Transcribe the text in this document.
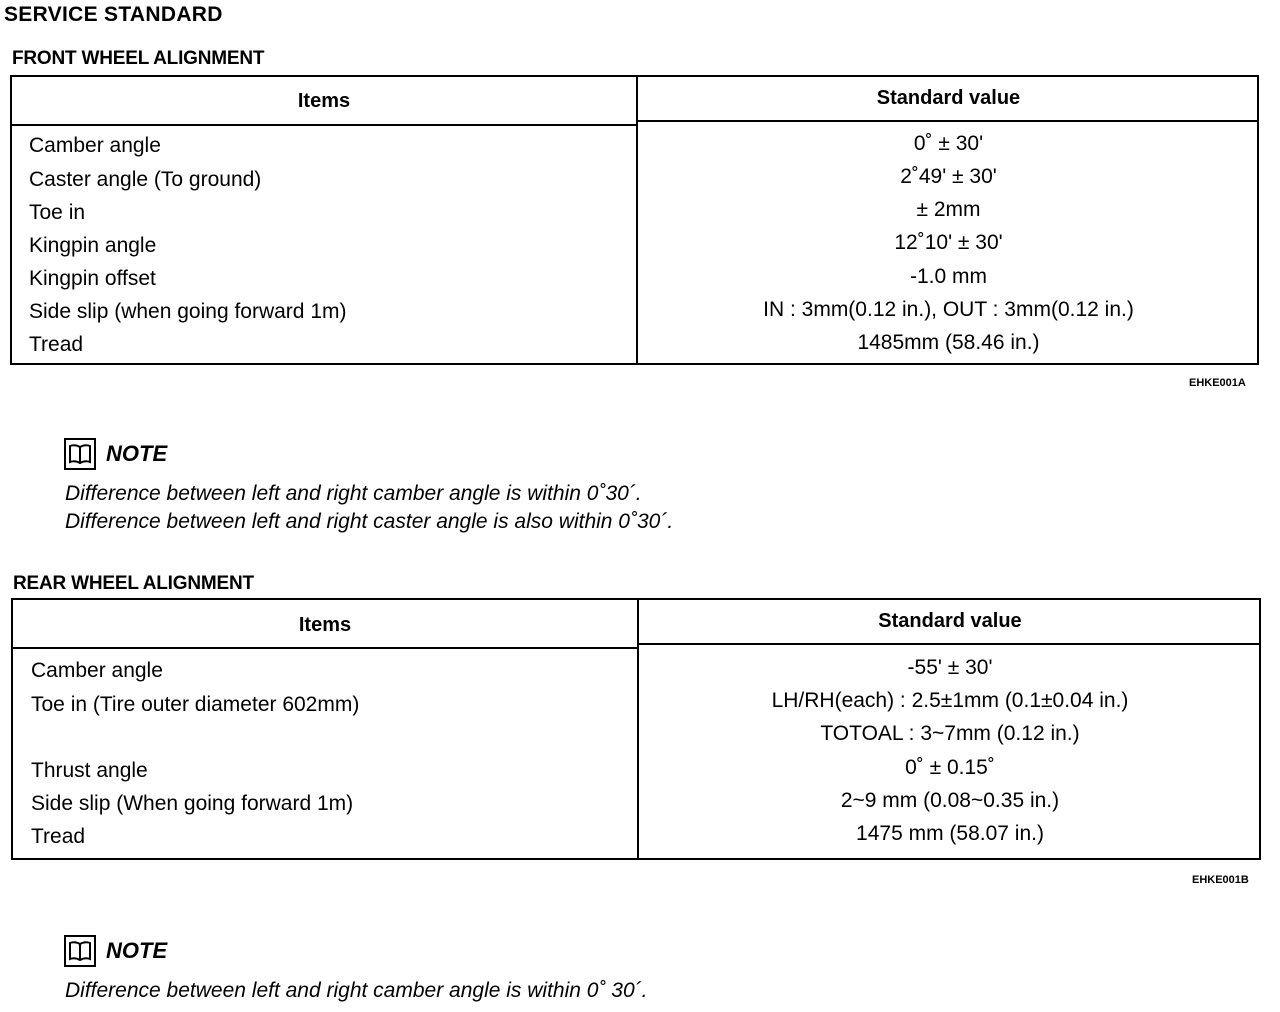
SERVICE STANDARD
FRONT WHEEL ALIGNMENT
Items	Standard value
Camber angle
Caster angle (To ground)
Toe in
Kingpin angle
Kingpin offset
Side slip (when going forward 1m)
Tread
0˚ ± 30'
2˚49' ± 30'
± 2mm
12˚10' ± 30'
-1.0 mm
IN : 3mm(0.12 in.), OUT : 3mm(0.12 in.)
1485mm (58.46 in.)
EHKE001A
NOTE
Difference between left and right camber angle is within 0˚30´.
Difference between left and right caster angle is also within 0˚30´.
REAR WHEEL ALIGNMENT
Items	Standard value
Camber angle
Toe in (Tire outer diameter 602mm)
Thrust angle
Side slip (When going forward 1m)
Tread
-55' ± 30'
LH/RH(each) : 2.5±1mm (0.1±0.04 in.)
TOTOAL : 3~7mm (0.12 in.)
0˚ ± 0.15˚
2~9 mm (0.08~0.35 in.)
1475 mm (58.07 in.)
EHKE001B
NOTE
Difference between left and right camber angle is within 0˚ 30´.
